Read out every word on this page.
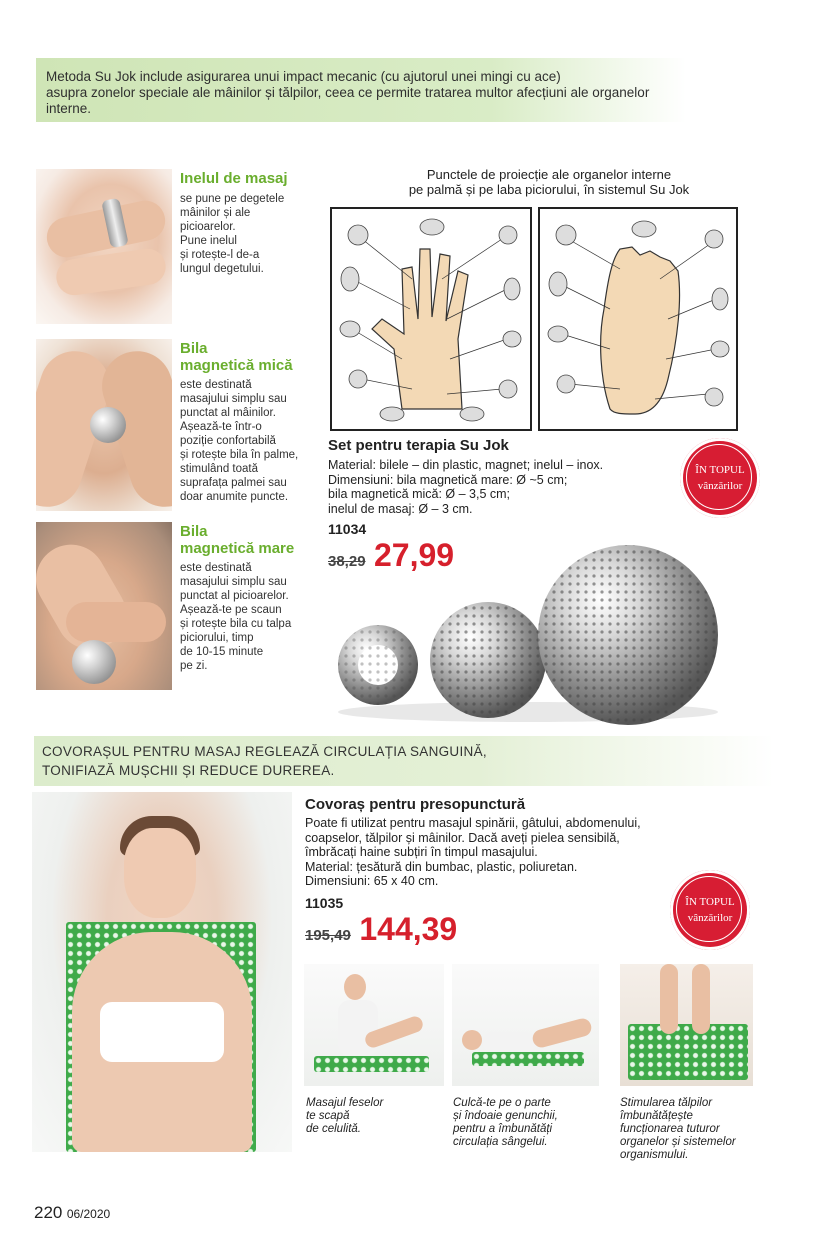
Metoda Su Jok include asigurarea unui impact mecanic (cu ajutorul unei mingi cu ace)
asupra zonelor speciale ale mâinilor și tălpilor, ceea ce permite tratarea multor afecțiuni ale organelor interne.

Inelul de masaj
se pune pe degetele
mâinilor și ale
picioarelor.
Pune inelul
și rotește-l de-a
lungul degetului.
Bila
magnetică mică
este destinată
masajului simplu sau
punctat al mâinilor.
Așează-te într-o
poziție confortabilă
și rotește bila în palme,
stimulând toată
suprafața palmei sau
doar anumite puncte.
Bila
magnetică mare
este destinată
masajului simplu sau
punctat al picioarelor.
Așează-te pe scaun
și rotește bila cu talpa
piciorului, timp
de 10-15 minute
pe zi.
Punctele de proiecție ale organelor interne
pe palmă și pe laba piciorului, în sistemul Su Jok
Set pentru terapia Su Jok
Material: bilele – din plastic, magnet; inelul – inox.
Dimensiuni: bila magnetică mare: Ø ~5 cm;
bila magnetică mică: Ø – 3,5 cm;
inelul de masaj: Ø – 3 cm.
11034
38,29 27,99
ÎN TOPUL
vânzărilor

COVORAȘUL PENTRU MASAJ REGLEAZĂ CIRCULAȚIA SANGUINĂ,
TONIFIAZĂ MUȘCHII ȘI REDUCE DUREREA.

Covoraș pentru presopunctură
Poate fi utilizat pentru masajul spinării, gâtului, abdomenului,
coapselor, tălpilor și mâinilor. Dacă aveți pielea sensibilă,
îmbrăcați haine subțiri în timpul masajului.
Material: țesătură din bumbac, plastic, poliuretan.
Dimensiuni: 65 x 40 cm.
11035
195,49 144,39
ÎN TOPUL
vânzărilor
Masajul feselor
te scapă
de celulită.
Culcă-te pe o parte
și îndoaie genunchii,
pentru a îmbunătăți
circulația sângelui.
Stimularea tălpilor
îmbunătățește
funcționarea tuturor
organelor și sistemelor
organismului.
220 06/2020
